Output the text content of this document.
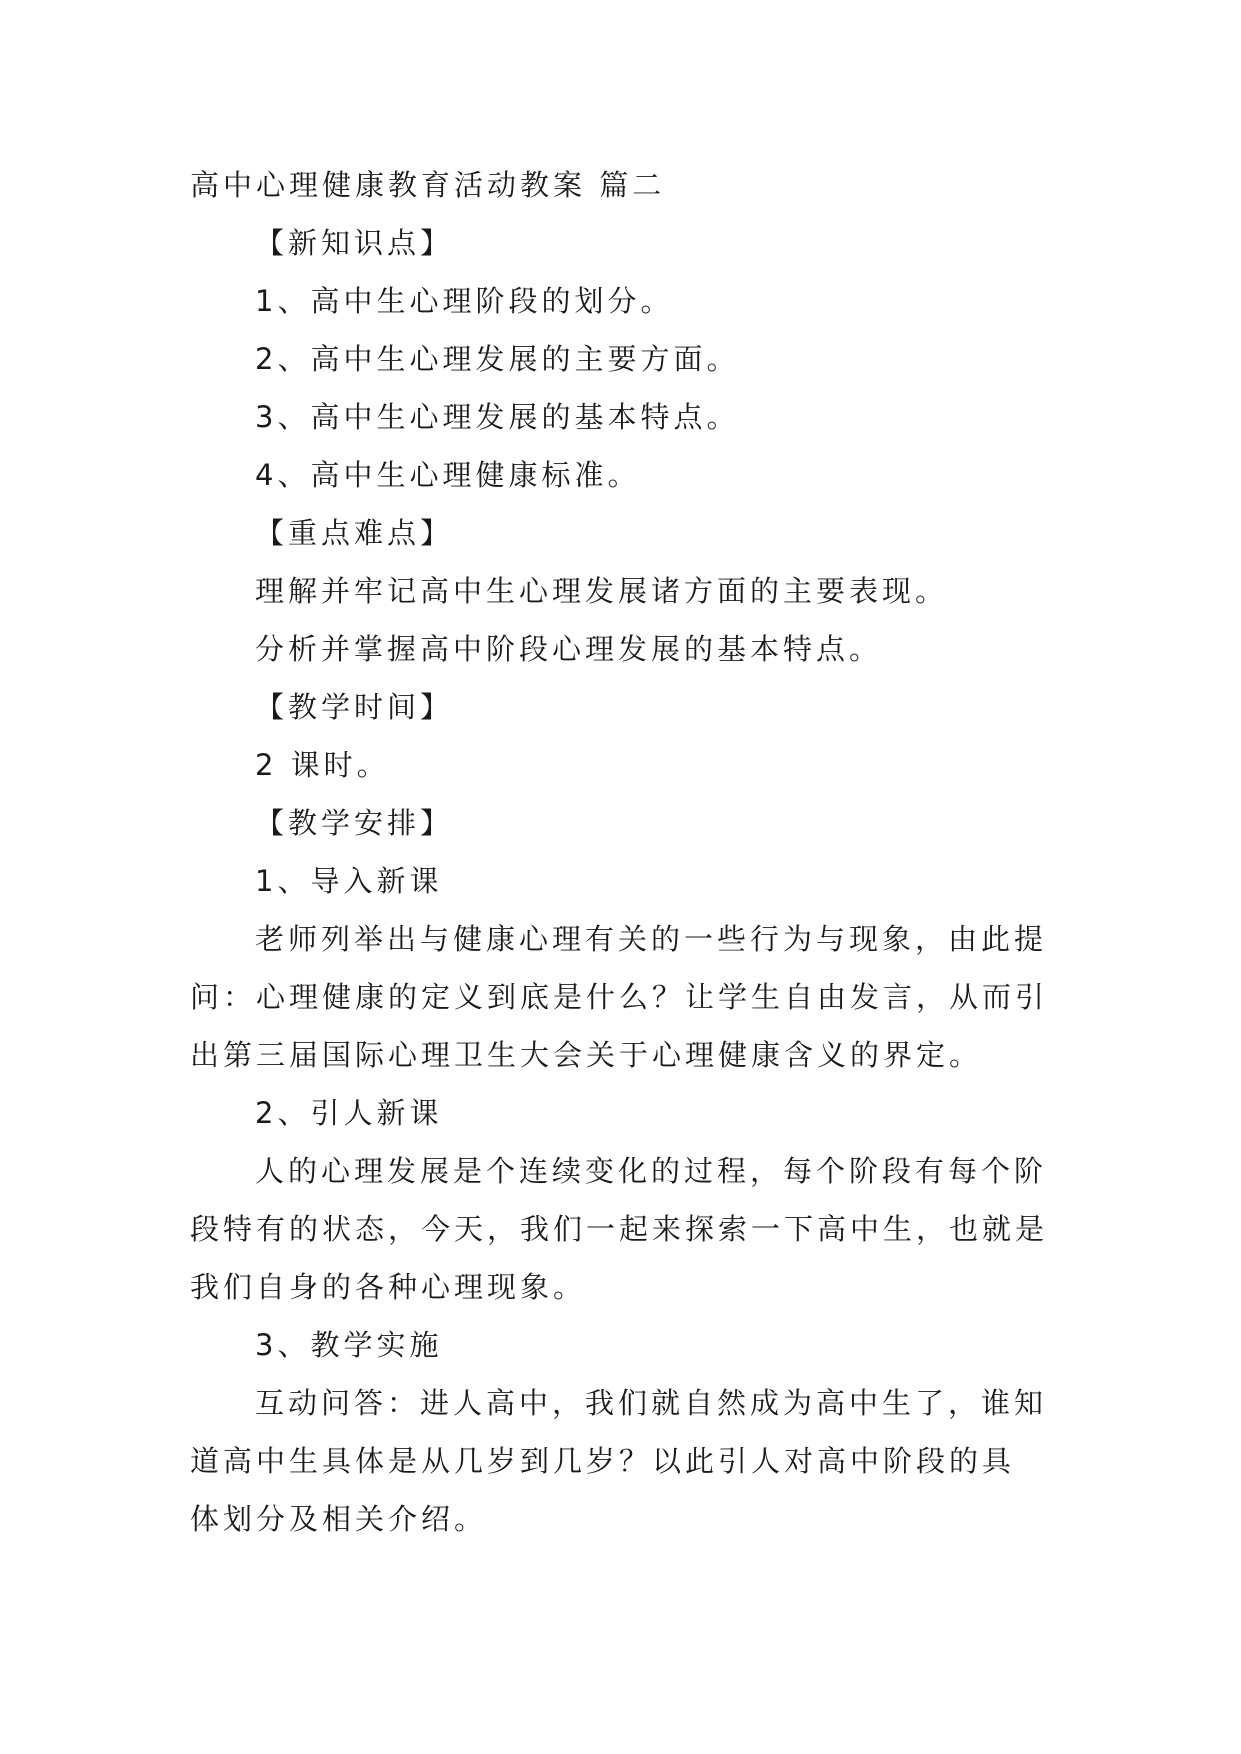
高中心理健康教育活动教案 篇二
【新知识点】
1、高中生心理阶段的划分。
2、高中生心理发展的主要方面。
3、高中生心理发展的基本特点。
4、高中生心理健康标准。
【重点难点】
理解并牢记高中生心理发展诸方面的主要表现。
分析并掌握高中阶段心理发展的基本特点。
【教学时间】
2 课时。
【教学安排】
1、导入新课
老师列举出与健康心理有关的一些行为与现象，由此提
问：心理健康的定义到底是什么？让学生自由发言，从而引
出第三届国际心理卫生大会关于心理健康含义的界定。
2、引人新课
人的心理发展是个连续变化的过程，每个阶段有每个阶
段特有的状态，今天，我们一起来探索一下高中生，也就是
我们自身的各种心理现象。
3、教学实施
互动问答：进人高中，我们就自然成为高中生了，谁知
道高中生具体是从几岁到几岁？以此引人对高中阶段的具
体划分及相关介绍。
